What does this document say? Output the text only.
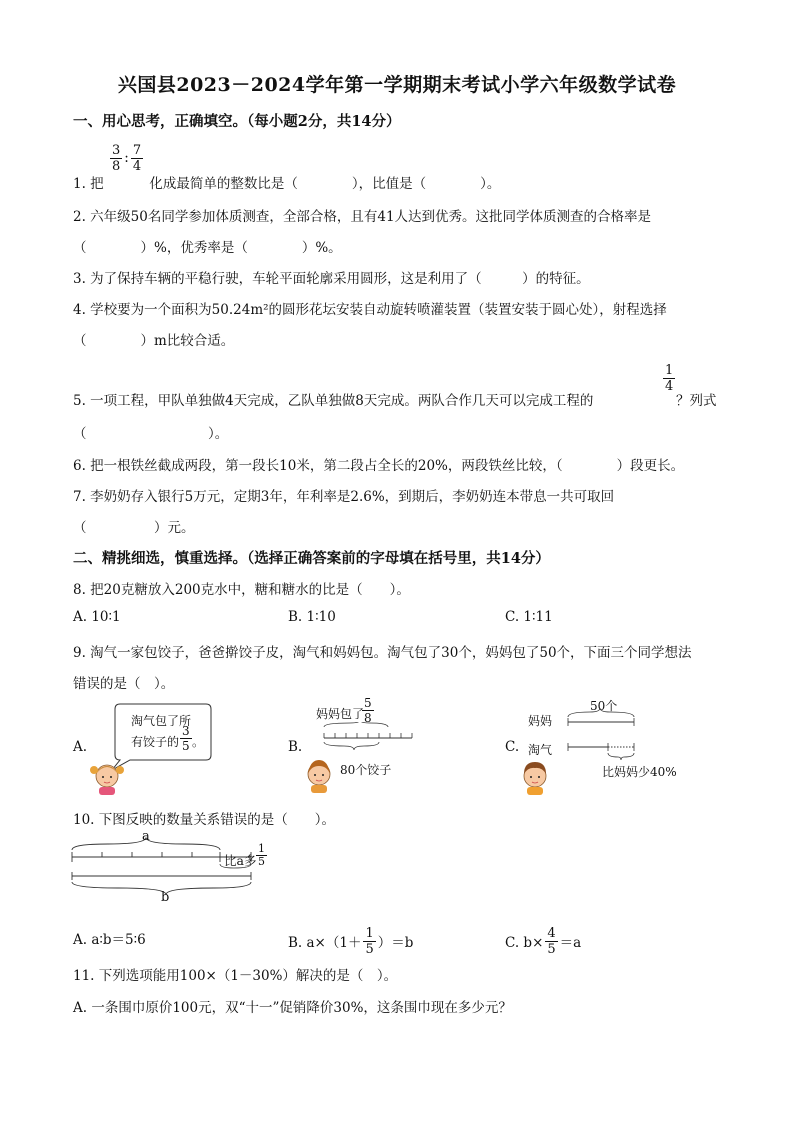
兴国县2023－2024学年第一学期期末考试小学六年级数学试卷
一、用心思考，正确填空。（每小题2分，共14分）
1. 把
$\frac{3}{8}$ : $\frac{7}{4}$
化成最简单的整数比是（　　　　），比值是（　　　　）。
2. 六年级50名同学参加体质测查，全部合格，且有41人达到优秀。这批同学体质测查的合格率是
（　　　　）%，优秀率是（　　　　）%。
3. 为了保持车辆的平稳行驶，车轮平面轮廓采用圆形，这是利用了（　　　）的特征。
4. 学校要为一个面积为50.24m²的圆形花坛安装自动旋转喷灌装置（装置安装于圆心处），射程选择
（　　　　）m比较合适。
5. 一项工程，甲队单独做4天完成，乙队单独做8天完成。两队合作几天可以完成工程的
$\frac{1}{4}$
？列式
（　　　　　　　　　）。
6. 把一根铁丝截成两段，第一段长10米，第二段占全长的20%，两段铁丝比较，（　　　　）段更长。
7. 李奶奶存入银行5万元，定期3年，年利率是2.6%，到期后，李奶奶连本带息一共可取回
（　　　　　）元。
二、精挑细选，慎重选择。（选择正确答案前的字母填在括号里，共14分）
8. 把20克糖放入200克水中，糖和糖水的比是（　　）。
A. 10∶1	B. 1∶10	C. 1∶11
9. 淘气一家包饺子，爸爸擀饺子皮，淘气和妈妈包。淘气包了30个，妈妈包了50个，下面三个同学想法
错误的是（　）。
A.
淘气包了所
有饺子的 $\frac{3}{5}$ 。	B.
妈妈包了
$\frac{5}{8}$
80个饺子
C.
50个
妈妈
淘气
比妈妈少40%
10. 下图反映的数量关系错误的是（　　）。
a
b
比a多 $\frac{1}{5}$
A. a∶b＝5∶6	B. $a\times(1+ \frac{1}{5} )=b$	C. $b\times \frac{4}{5} =a$
11. 下列选项能用100×（1－30%）解决的是（　）。
A. 一条围巾原价100元，双“十一”促销降价30%，这条围巾现在多少元？
